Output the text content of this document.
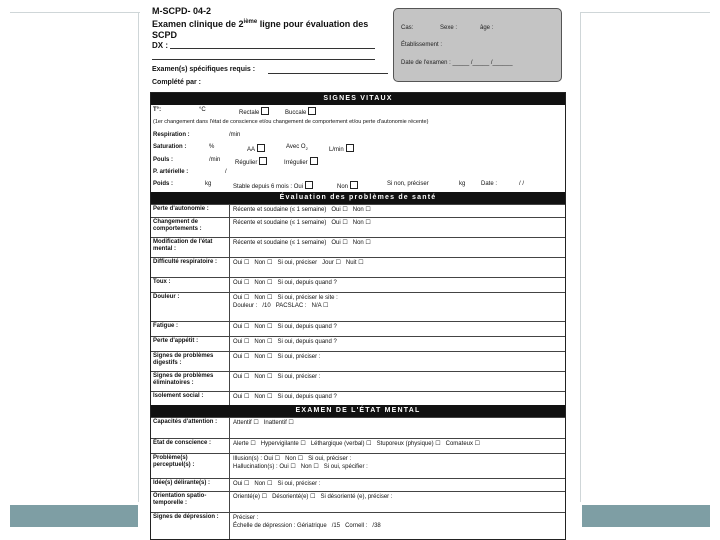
M-SCPD- 04-2
Examen clinique de 2ième ligne pour évaluation des SCPD
DX :
Examen(s) spécifiques requis :
Complété par :
Cas:	Sexe :	âge :
Établissement :
Date de l'examen : _____ /_____ /______
SIGNES VITAUX
T°:	°C	Rectale	Buccale
(1er changement dans l'état de conscience et/ou changement de comportement et/ou perte d'autonomie récente)
Respiration :	/min
Saturation :	%	AA	Avec $O_2$	L/min
Pouls :	/min Régulier	Irrégulier
P. artérielle :	/
Poids :	kg	Stable depuis 6 mois : Oui	Non	Si non, préciser	kg	Date :	/ /
Évaluation des problèmes de santé
Perte d'autonomie :	Récente et soudaine (≤ 1 semaine) Oui ☐ Non ☐
Changement de comportements :
Récente et soudaine (≤ 1 semaine) Oui ☐ Non ☐
Modification de l'état mental :
Récente et soudaine (≤ 1 semaine) Oui ☐ Non ☐
Difficulté respiratoire :	Oui ☐ Non ☐ Si oui, préciser Jour ☐ Nuit ☐
Toux :	Oui ☐ Non ☐ Si oui, depuis quand ?
Douleur :	Oui ☐ Non ☐ Si oui, préciser le site :
Douleur : /10 PACSLAC : N/A ☐
Fatigue :	Oui ☐ Non ☐ Si oui, depuis quand ?
Perte d'appétit :	Oui ☐ Non ☐ Si oui, depuis quand ?
Signes de problèmes digestifs :
Oui ☐ Non ☐ Si oui, préciser :
Signes de problèmes éliminatoires :
Oui ☐ Non ☐ Si oui, préciser :
Isolement social :	Oui ☐ Non ☐ Si oui, depuis quand ?
EXAMEN DE L'ÉTAT MENTAL
Capacités d'attention :	Attentif ☐ Inattentif ☐
État de conscience :	Alerte ☐ Hypervigilante ☐ Léthargique (verbal) ☐ Stuporeux (physique) ☐ Comateux ☐
Problème(s) perceptuel(s) :
Illusion(s) : Oui ☐ Non ☐ Si oui, préciser :
Hallucination(s) : Oui ☐ Non ☐ Si oui, spécifier :
Idée(s) délirante(s) :	Oui ☐ Non ☐ Si oui, préciser :
Orientation spatio-temporelle :
Orienté(e) ☐ Désorienté(e) ☐ Si désorienté (e), préciser :
Signes de dépression :	Préciser :
Échelle de dépression : Gériatrique /15 Cornell : /38
